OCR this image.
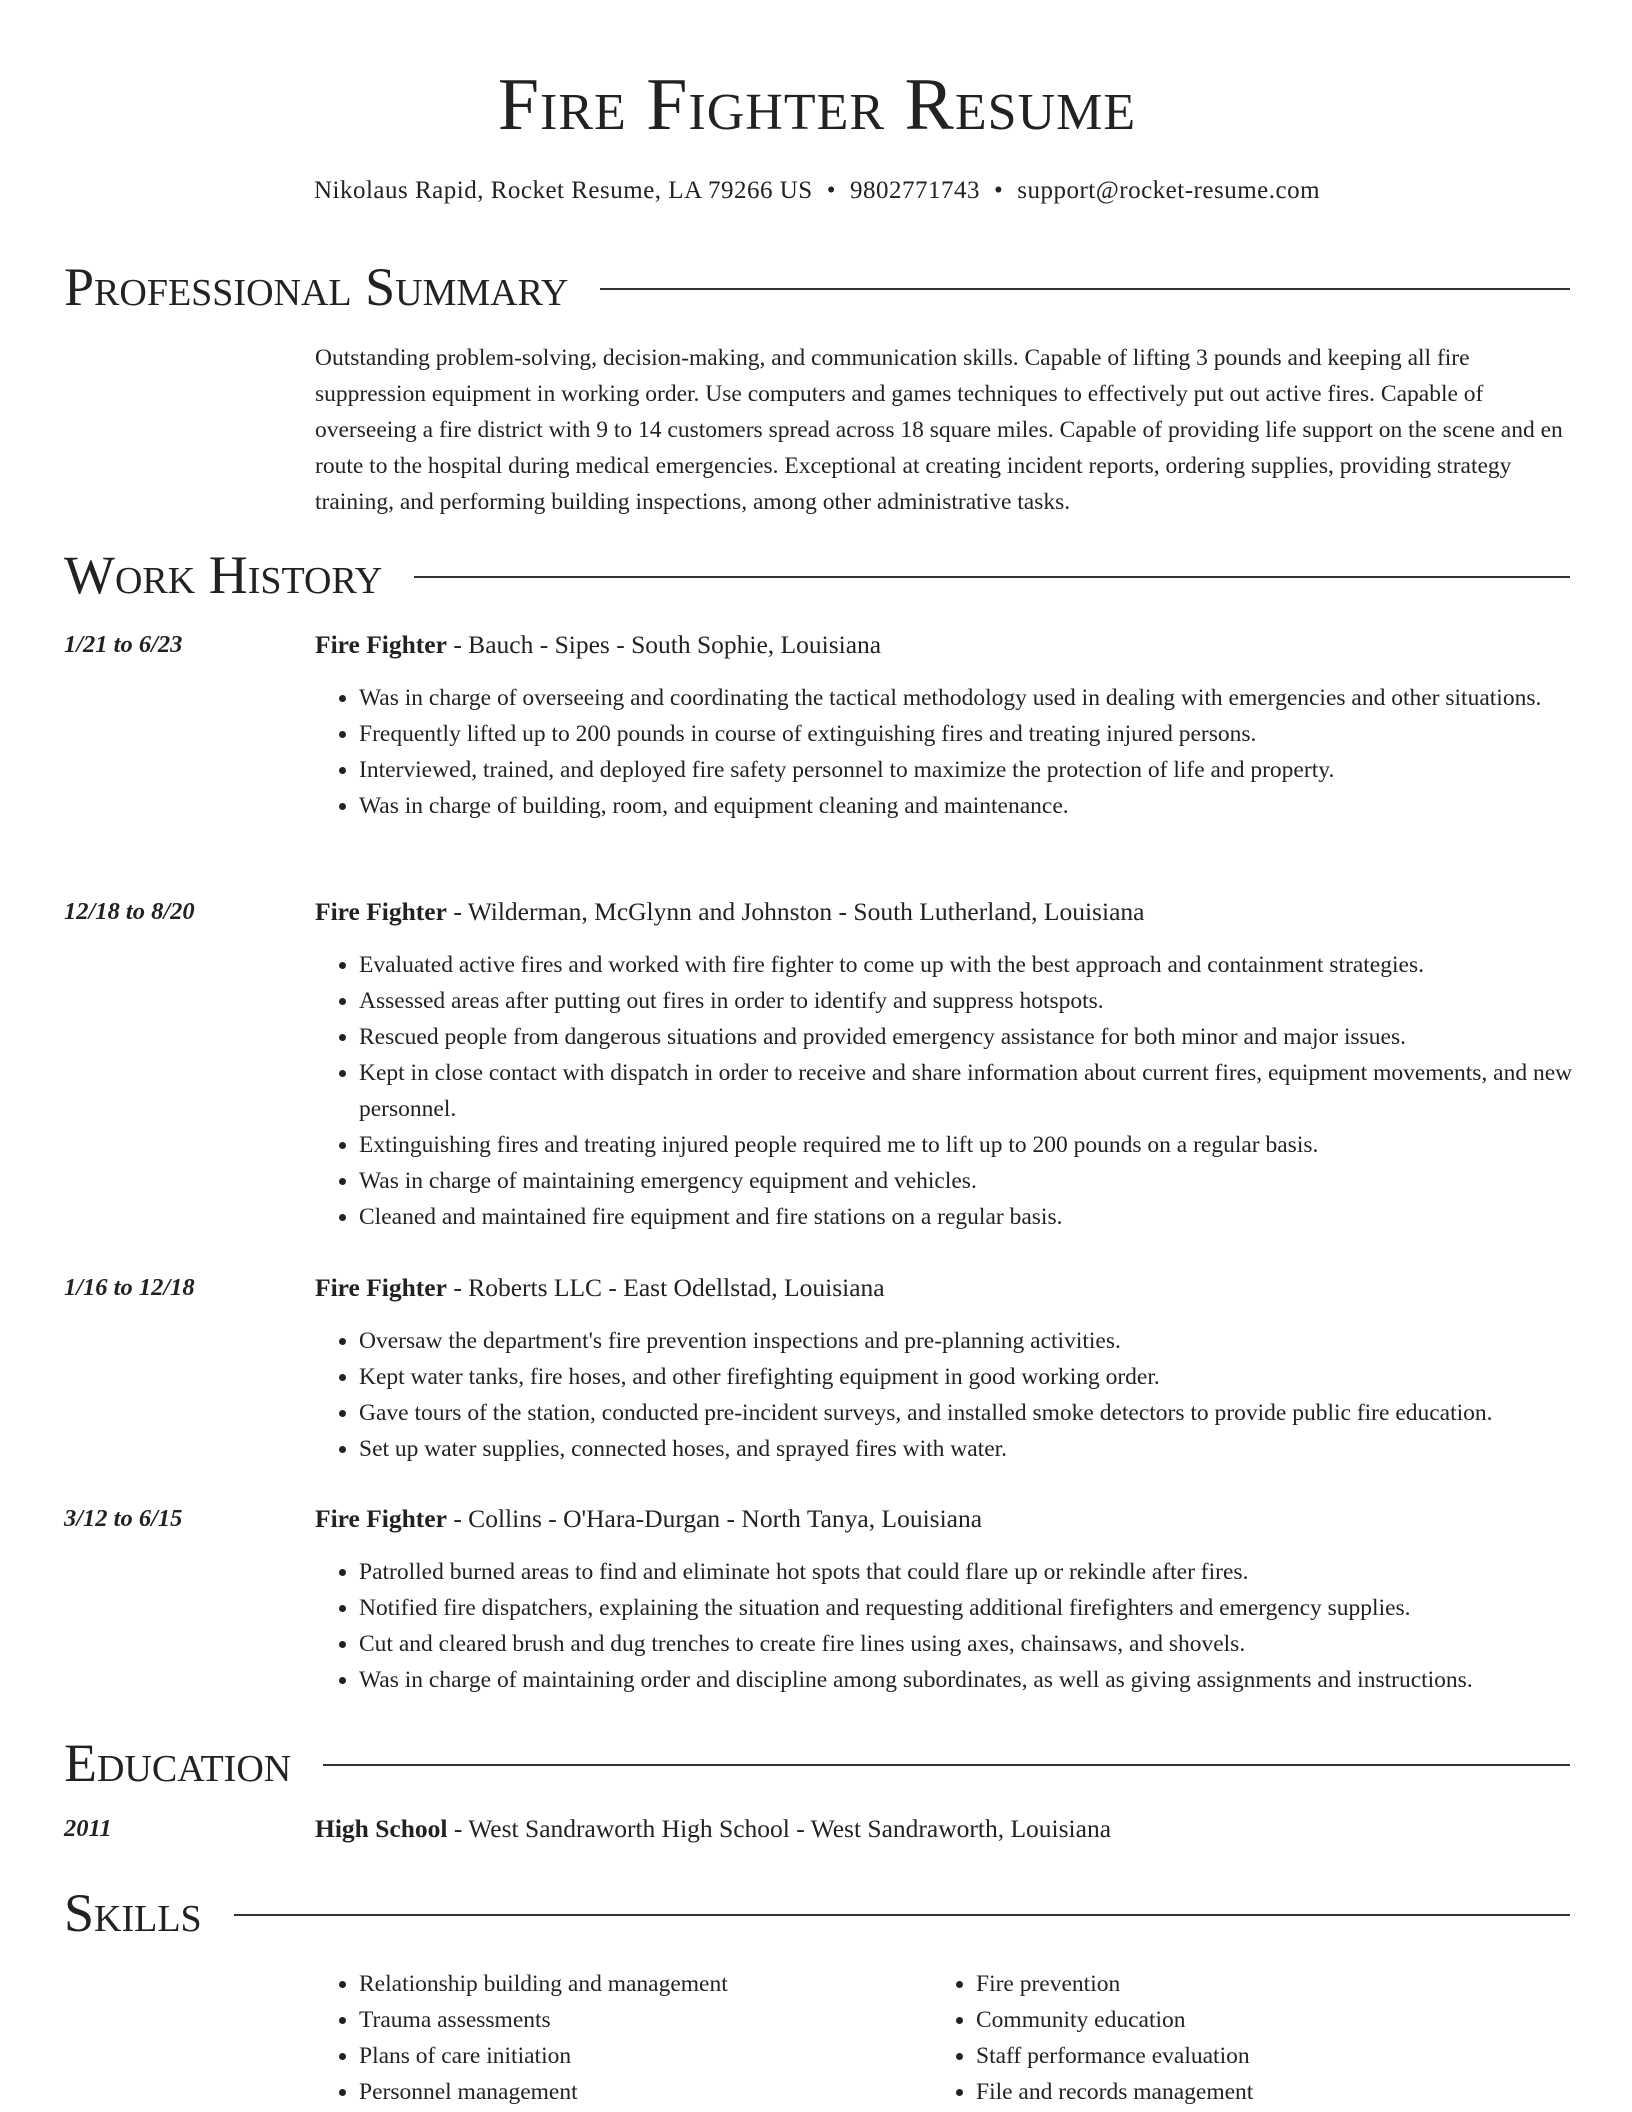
Fire Fighter Resume
Nikolaus Rapid, Rocket Resume, LA 79266 US • 9802771743 • support@rocket-resume.com
Professional Summary

Outstanding problem-solving, decision-making, and communication skills. Capable of lifting 3 pounds and keeping all fire suppression equipment in working order. Use computers and games techniques to effectively put out active fires. Capable of overseeing a fire district with 9 to 14 customers spread across 18 square miles. Capable of providing life support on the scene and en route to the hospital during medical emergencies. Exceptional at creating incident reports, ordering supplies, providing strategy training, and performing building inspections, among other administrative tasks.

Work History
1/21 to 6/23	Fire Fighter - Bauch - Sipes - South Sophie, Louisiana
• Was in charge of overseeing and coordinating the tactical methodology used in dealing with emergencies and other situations.
• Frequently lifted up to 200 pounds in course of extinguishing fires and treating injured persons.
• Interviewed, trained, and deployed fire safety personnel to maximize the protection of life and property.
• Was in charge of building, room, and equipment cleaning and maintenance.
12/18 to 8/20	Fire Fighter - Wilderman, McGlynn and Johnston - South Lutherland, Louisiana
• Evaluated active fires and worked with fire fighter to come up with the best approach and containment strategies.
• Assessed areas after putting out fires in order to identify and suppress hotspots.
• Rescued people from dangerous situations and provided emergency assistance for both minor and major issues.
• Kept in close contact with dispatch in order to receive and share information about current fires, equipment movements, and new personnel.
• Extinguishing fires and treating injured people required me to lift up to 200 pounds on a regular basis.
• Was in charge of maintaining emergency equipment and vehicles.
• Cleaned and maintained fire equipment and fire stations on a regular basis.
1/16 to 12/18	Fire Fighter - Roberts LLC - East Odellstad, Louisiana
• Oversaw the department's fire prevention inspections and pre-planning activities.
• Kept water tanks, fire hoses, and other firefighting equipment in good working order.
• Gave tours of the station, conducted pre-incident surveys, and installed smoke detectors to provide public fire education.
• Set up water supplies, connected hoses, and sprayed fires with water.
3/12 to 6/15	Fire Fighter - Collins - O'Hara-Durgan - North Tanya, Louisiana
• Patrolled burned areas to find and eliminate hot spots that could flare up or rekindle after fires.
• Notified fire dispatchers, explaining the situation and requesting additional firefighters and emergency supplies.
• Cut and cleared brush and dug trenches to create fire lines using axes, chainsaws, and shovels.
• Was in charge of maintaining order and discipline among subordinates, as well as giving assignments and instructions.
Education
2011	High School - West Sandraworth High School - West Sandraworth, Louisiana
Skills
• Relationship building and management
• Trauma assessments
• Plans of care initiation
• Personnel management
• Fire prevention
• Community education
• Staff performance evaluation
• File and records management
